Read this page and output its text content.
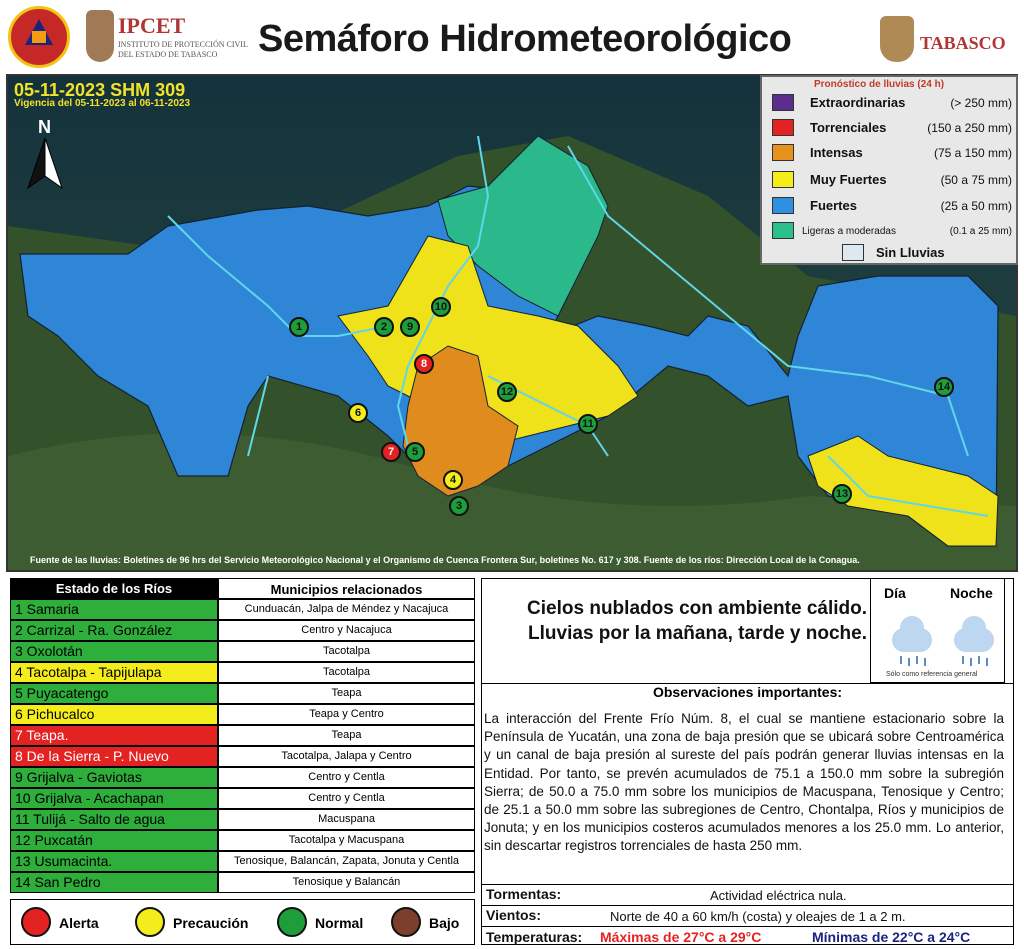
IPCET
INSTITUTO DE PROTECCIÓN CIVIL
DEL ESTADO DE TABASCO	Semáforo Hidrometeorológico	TABASCO
05-11-2023 SHM 309
Vigencia del 05-11-2023 al 06-11-2023
N
Fuente de las lluvias: Boletines de 96 hrs del Servicio Meteorológico Nacional y el Organismo de Cuenca Frontera Sur, boletines No. 617 y 308. Fuente de los ríos: Dirección Local de la Conagua.
Pronóstico de lluvias (24 h)
Extraordinarias	(> 250 mm)
Torrenciales	(150 a 250 mm)
Intensas	(75 a 150 mm)
Muy Fuertes	(50 a 75 mm)
Fuertes	(25 a 50 mm)
Ligeras a moderadas	(0.1 a 25 mm)
Sin Lluvias
1	2
3
4
5
6
7
8
9
10
11
12
13
14
Estado de los Ríos	Municipios relacionados
1 Samaria	Cunduacán, Jalpa de Méndez y Nacajuca
2 Carrizal - Ra. González	Centro y Nacajuca
3 Oxolotán	Tacotalpa
4 Tacotalpa - Tapijulapa	Tacotalpa
5 Puyacatengo	Teapa
6 Pichucalco	Teapa y Centro
7 Teapa.	Teapa
8 De la Sierra - P. Nuevo	Tacotalpa, Jalapa y Centro
9 Grijalva - Gaviotas	Centro y Centla
10 Grijalva - Acachapan	Centro y Centla
11 Tulijá - Salto de agua	Macuspana
12 Puxcatán	Tacotalpa y Macuspana
13 Usumacinta.	Tenosique, Balancán, Zapata, Jonuta y Centla
14 San Pedro	Tenosique y Balancán
Alerta	Precaución	Normal	Bajo
Cielos nublados con ambiente cálido. Lluvias por la mañana, tarde y noche.
Día	Noche
Sólo como referencia general
Observaciones importantes:
La interacción del Frente Frío Núm. 8, el cual se mantiene estacionario sobre la Península de Yucatán, una zona de baja presión que se ubicará sobre Centroamérica y un canal de baja presión al sureste del país podrán generar lluvias intensas en la Entidad. Por tanto, se prevén acumulados de 75.1 a 150.0 mm sobre la subregión Sierra; de 50.0 a 75.0 mm sobre los municipios de Macuspana, Tenosique y Centro; de 25.1 a 50.0 mm sobre las subregiones de Centro, Chontalpa, Ríos y municipios de Jonuta; y en los municipios costeros acumulados menores a los 25.0 mm. Lo anterior, sin descartar registros torrenciales de hasta 250 mm.
Tormentas:	Actividad eléctrica nula.
Vientos:	Norte de 40 a 60 km/h (costa) y oleajes de 1 a 2 m.
Temperaturas: Máximas de 27°C a 29°C	Mínimas de 22°C a 24°C
